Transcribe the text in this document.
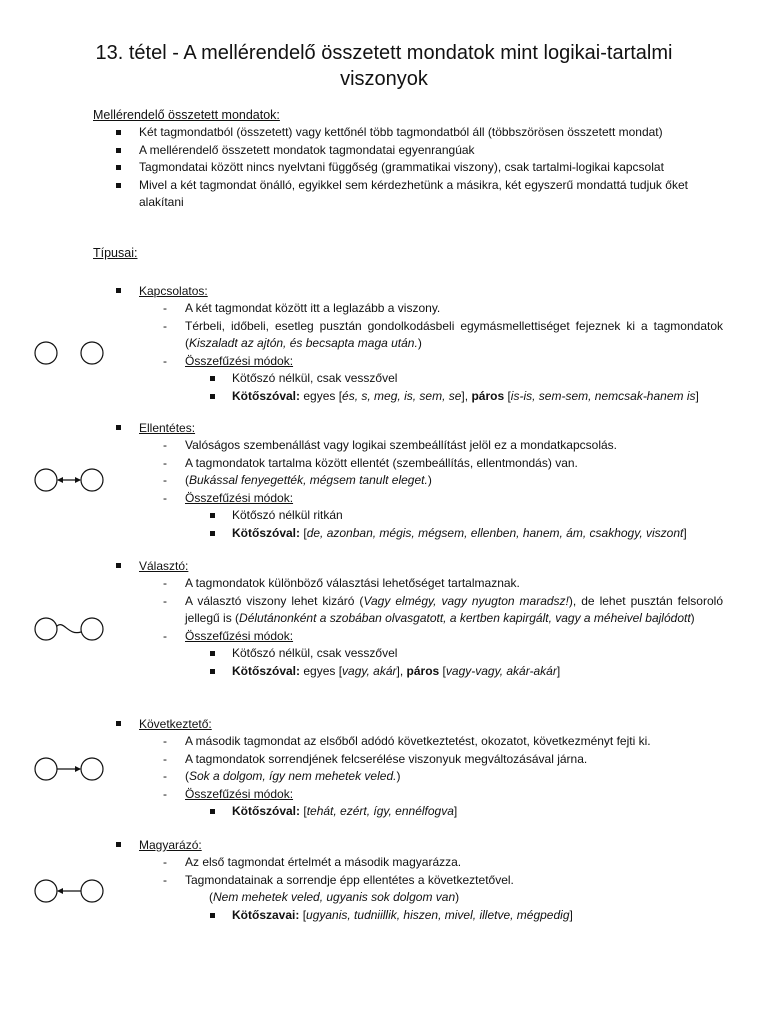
13. tétel - A mellérendelő összetett mondatok mint logikai-tartalmi viszonyok
Mellérendelő összetett mondatok:
Két tagmondatból (összetett) vagy kettőnél több tagmondatból áll (többszörösen összetett mondat)
A mellérendelő összetett mondatok tagmondatai egyenrangúak
Tagmondatai között nincs nyelvtani függőség (grammatikai viszony), csak tartalmi-logikai kapcsolat
Mivel a két tagmondat önálló, egyikkel sem kérdezhetünk a másikra, két egyszerű mondattá tudjuk őket alakítani
Típusai:
Kapcsolatos:
- A két tagmondat között itt a leglazább a viszony.
- Térbeli, időbeli, esetleg pusztán gondolkodásbeli egymásmellettiséget fejeznek ki a tagmondatok (Kiszaladt az ajtón, és becsapta maga után.)
- Összefűzési módok:
Kötőszó nélkül, csak vesszővel
Kötőszóval: egyes [és, s, meg, is, sem, se], páros [is-is, sem-sem, nemcsak-hanem is]
Ellentétes:
- Valóságos szembenállást vagy logikai szembeállítást jelöl ez a mondatkapcsolás.
- A tagmondatok tartalma között ellentét (szembeállítás, ellentmondás) van.
- (Bukással fenyegették, mégsem tanult eleget.)
- Összefűzési módok:
Kötőszó nélkül ritkán
Kötőszóval: [de, azonban, mégis, mégsem, ellenben, hanem, ám, csakhogy, viszont]
Választó:
- A tagmondatok különböző választási lehetőséget tartalmaznak.
- A választó viszony lehet kizáró (Vagy elmégy, vagy nyugton maradsz!), de lehet pusztán felsoroló jellegű is (Délutánonként a szobában olvasgatott, a kertben kapirgált, vagy a méheivel bajlódott)
- Összefűzési módok:
Kötőszó nélkül, csak vesszővel
Kötőszóval: egyes [vagy, akár], páros [vagy-vagy, akár-akár]
Következtető:
- A második tagmondat az elsőből adódó következtetést, okozatot, következményt fejti ki.
- A tagmondatok sorrendjének felcserélése viszonyuk megváltozásával járna.
- (Sok a dolgom, így nem mehetek veled.)
- Összefűzési módok:
Kötőszóval: [tehát, ezért, így, ennélfogva]
Magyarázó:
- Az első tagmondat értelmét a második magyarázza.
- Tagmondatainak a sorrendje épp ellentétes a következtetővel.
(Nem mehetek veled, ugyanis sok dolgom van)
Kötőszavai: [ugyanis, tudniillik, hiszen, mivel, illetve, mégpedig]
